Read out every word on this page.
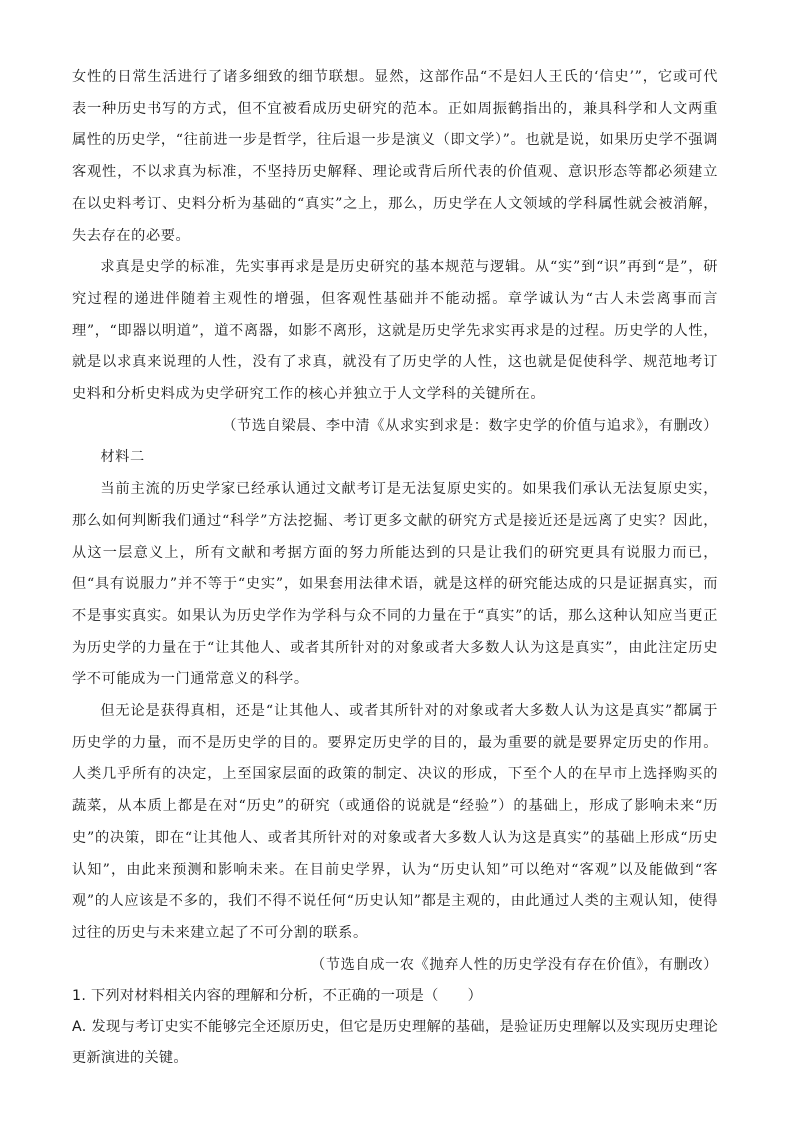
女性的日常生活进行了诸多细致的细节联想。显然，这部作品“不是妇人王氏的‘信史’”，它或可代表一种历史书写的方式，但不宜被看成历史研究的范本。正如周振鹤指出的，兼具科学和人文两重属性的历史学，“往前进一步是哲学，往后退一步是演义（即文学）”。也就是说，如果历史学不强调客观性，不以求真为标准，不坚持历史解释、理论或背后所代表的价值观、意识形态等都必须建立在以史料考订、史料分析为基础的“真实”之上，那么，历史学在人文领域的学科属性就会被消解，失去存在的必要。

求真是史学的标准，先实事再求是是历史研究的基本规范与逻辑。从“实”到“识”再到“是”，研究过程的递进伴随着主观性的增强，但客观性基础并不能动摇。章学诚认为“古人未尝离事而言理”，“即器以明道”，道不离器，如影不离形，这就是历史学先求实再求是的过程。历史学的人性，就是以求真来说理的人性，没有了求真，就没有了历史学的人性，这也就是促使科学、规范地考订史料和分析史料成为史学研究工作的核心并独立于人文学科的关键所在。

（节选自梁晨、李中清《从求实到求是：数字史学的价值与追求》，有删改）

材料二

当前主流的历史学家已经承认通过文献考订是无法复原史实的。如果我们承认无法复原史实，那么如何判断我们通过“科学”方法挖掘、考订更多文献的研究方式是接近还是远离了史实？因此，从这一层意义上，所有文献和考据方面的努力所能达到的只是让我们的研究更具有说服力而已，但“具有说服力”并不等于“史实”，如果套用法律术语，就是这样的研究能达成的只是证据真实，而不是事实真实。如果认为历史学作为学科与众不同的力量在于“真实”的话，那么这种认知应当更正为历史学的力量在于“让其他人、或者其所针对的对象或者大多数人认为这是真实”，由此注定历史学不可能成为一门通常意义的科学。

但无论是获得真相，还是“让其他人、或者其所针对的对象或者大多数人认为这是真实”都属于历史学的力量，而不是历史学的目的。要界定历史学的目的，最为重要的就是要界定历史的作用。人类几乎所有的决定，上至国家层面的政策的制定、决议的形成，下至个人的在早市上选择购买的蔬菜，从本质上都是在对“历史”的研究（或通俗的说就是“经验”）的基础上，形成了影响未来“历史”的决策，即在“让其他人、或者其所针对的对象或者大多数人认为这是真实”的基础上形成“历史认知”，由此来预测和影响未来。在目前史学界，认为“历史认知”可以绝对“客观”以及能做到“客观”的人应该是不多的，我们不得不说任何“历史认知”都是主观的，由此通过人类的主观认知，使得过往的历史与未来建立起了不可分割的联系。

（节选自成一农《抛弃人性的历史学没有存在价值》，有删改）

1. 下列对材料相关内容的理解和分析，不正确的一项是（　　）

A. 发现与考订史实不能够完全还原历史，但它是历史理解的基础，是验证历史理解以及实现历史理论更新演进的关键。
